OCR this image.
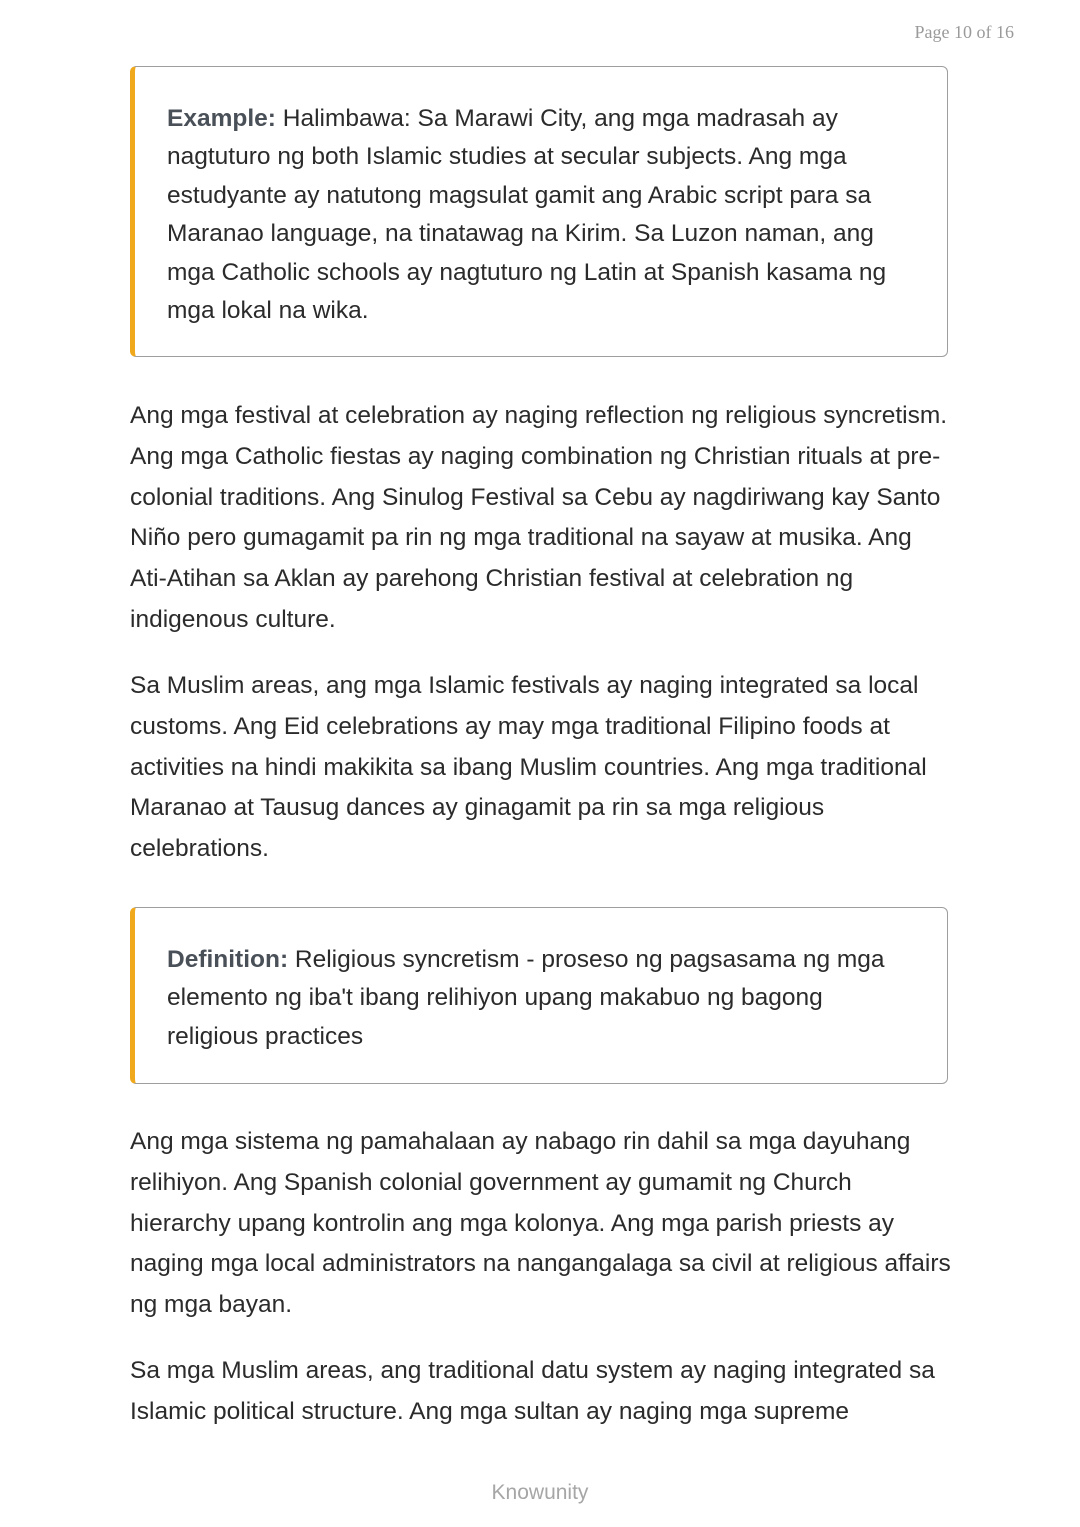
Page 10 of 16
Example: Halimbawa: Sa Marawi City, ang mga madrasah ay nagtuturo ng both Islamic studies at secular subjects. Ang mga estudyante ay natutong magsulat gamit ang Arabic script para sa Maranao language, na tinatawag na Kirim. Sa Luzon naman, ang mga Catholic schools ay nagtuturo ng Latin at Spanish kasama ng mga lokal na wika.

Ang mga festival at celebration ay naging reflection ng religious syncretism. Ang mga Catholic fiestas ay naging combination ng Christian rituals at pre-colonial traditions. Ang Sinulog Festival sa Cebu ay nagdiriwang kay Santo Niño pero gumagamit pa rin ng mga traditional na sayaw at musika. Ang Ati-Atihan sa Aklan ay parehong Christian festival at celebration ng indigenous culture.

Sa Muslim areas, ang mga Islamic festivals ay naging integrated sa local customs. Ang Eid celebrations ay may mga traditional Filipino foods at activities na hindi makikita sa ibang Muslim countries. Ang mga traditional Maranao at Tausug dances ay ginagamit pa rin sa mga religious celebrations.

Definition: Religious syncretism - proseso ng pagsasama ng mga elemento ng iba't ibang relihiyon upang makabuo ng bagong religious practices

Ang mga sistema ng pamahalaan ay nabago rin dahil sa mga dayuhang relihiyon. Ang Spanish colonial government ay gumamit ng Church hierarchy upang kontrolin ang mga kolonya. Ang mga parish priests ay naging mga local administrators na nangangalaga sa civil at religious affairs ng mga bayan.

Sa mga Muslim areas, ang traditional datu system ay naging integrated sa Islamic political structure. Ang mga sultan ay naging mga supreme

Knowunity
